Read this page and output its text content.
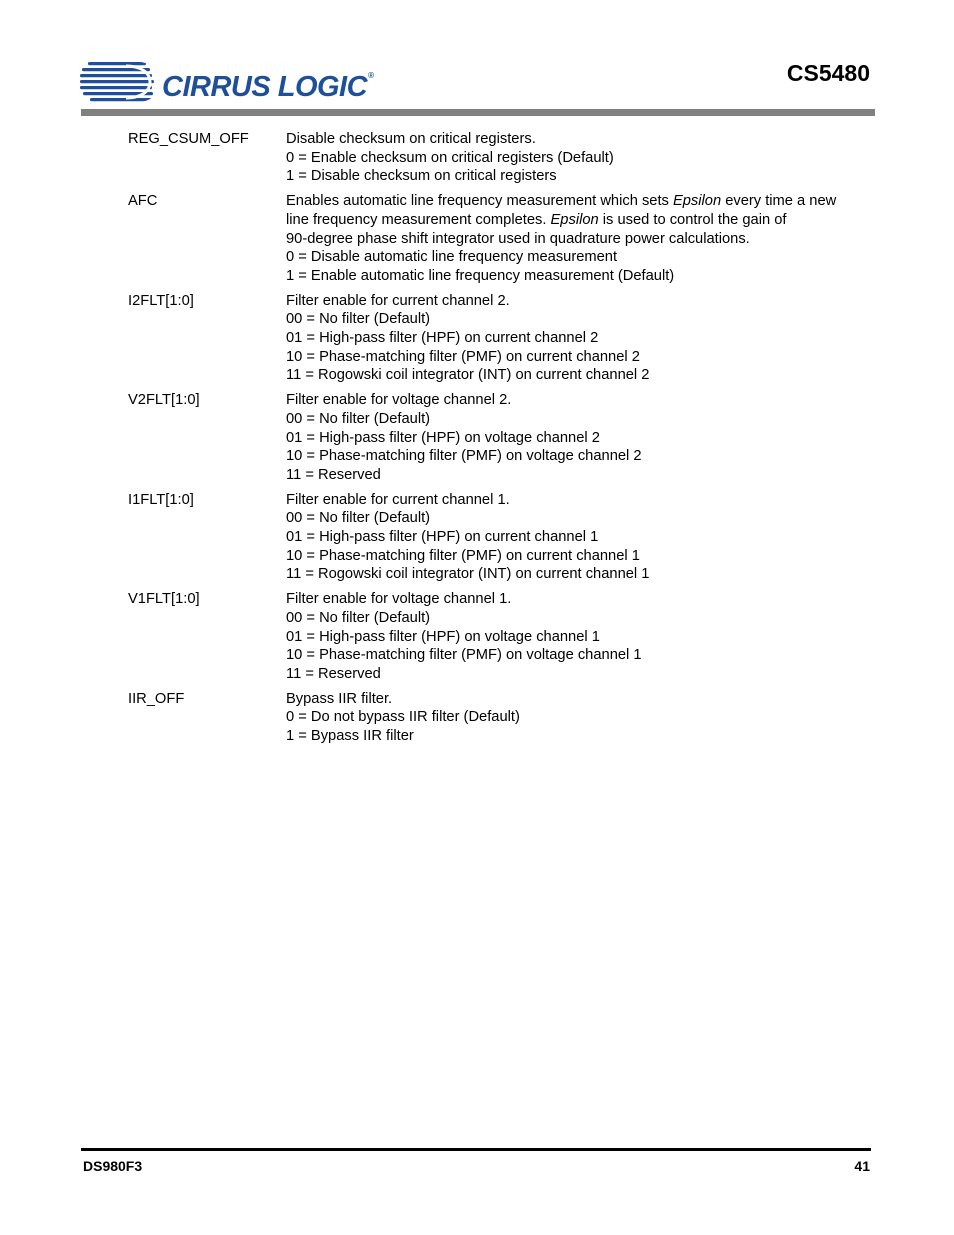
CIRRUS LOGIC®	CS5480
REG_CSUM_OFF	Disable checksum on critical registers.
0 = Enable checksum on critical registers (Default)
1 = Disable checksum on critical registers
AFC	Enables automatic line frequency measurement which sets Epsilon every time a new
line frequency measurement completes. Epsilon is used to control the gain of
90-degree phase shift integrator used in quadrature power calculations.
0 = Disable automatic line frequency measurement
1 = Enable automatic line frequency measurement (Default)
I2FLT[1:0]	Filter enable for current channel 2.
00 = No filter (Default)
01 = High-pass filter (HPF) on current channel 2
10 = Phase-matching filter (PMF) on current channel 2
11 = Rogowski coil integrator (INT) on current channel 2
V2FLT[1:0]	Filter enable for voltage channel 2.
00 = No filter (Default)
01 = High-pass filter (HPF) on voltage channel 2
10 = Phase-matching filter (PMF) on voltage channel 2
11 = Reserved
I1FLT[1:0]	Filter enable for current channel 1.
00 = No filter (Default)
01 = High-pass filter (HPF) on current channel 1
10 = Phase-matching filter (PMF) on current channel 1
11 = Rogowski coil integrator (INT) on current channel 1
V1FLT[1:0]	Filter enable for voltage channel 1.
00 = No filter (Default)
01 = High-pass filter (HPF) on voltage channel 1
10 = Phase-matching filter (PMF) on voltage channel 1
11 = Reserved
IIR_OFF	Bypass IIR filter.
0 = Do not bypass IIR filter (Default)
1 = Bypass IIR filter
DS980F3	41
